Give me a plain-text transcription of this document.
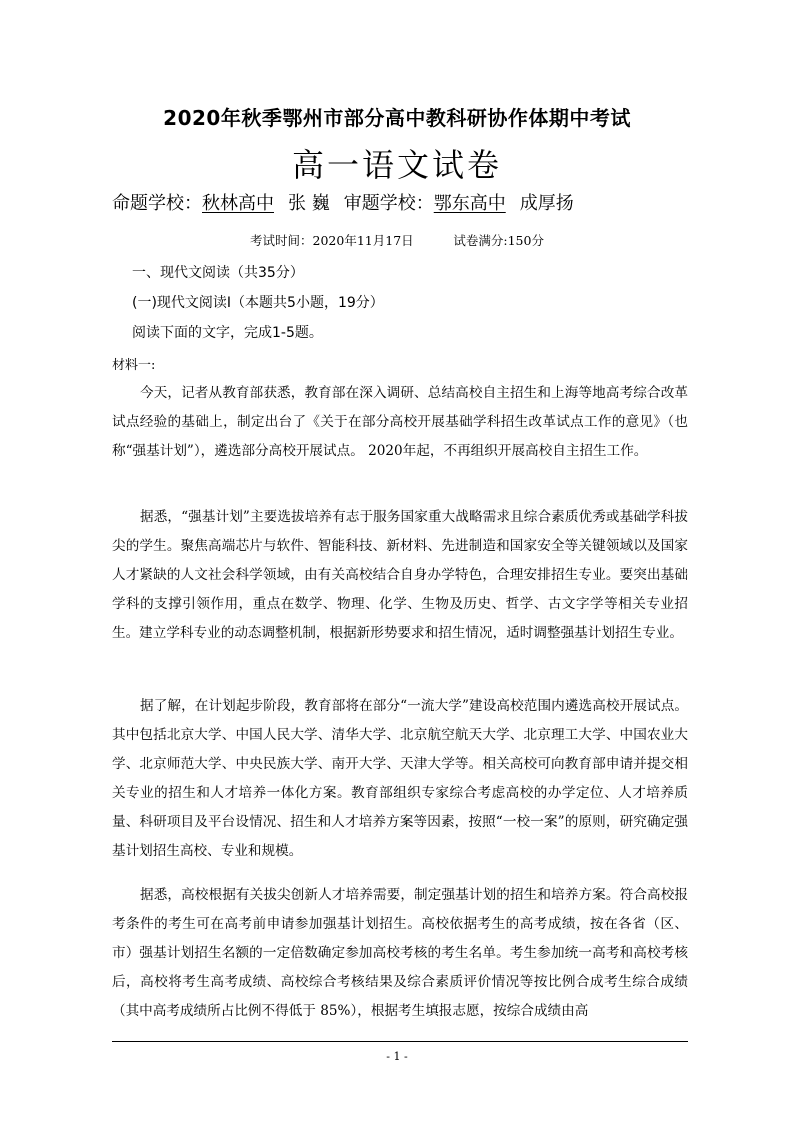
2020年秋季鄂州市部分高中教科研协作体期中考试
高一语文试卷
命题学校：秋林高中 张 巍 审题学校：鄂东高中 成厚扬
考试时间：2020年11月17日          试卷满分:150分
一、现代文阅读（共35分）
(一)现代文阅读Ⅰ（本题共5小题，19分）
阅读下面的文字，完成1-5题。
材料一:
今天，记者从教育部获悉，教育部在深入调研、总结高校自主招生和上海等地高考综合改革试点经验的基础上，制定出台了《关于在部分高校开展基础学科招生改革试点工作的意见》（也称“强基计划”），遴选部分高校开展试点。 2020年起，不再组织开展高校自主招生工作。
据悉，“强基计划”主要选拔培养有志于服务国家重大战略需求且综合素质优秀或基础学科拔尖的学生。聚焦高端芯片与软件、智能科技、新材料、先进制造和国家安全等关键领域以及国家人才紧缺的人文社会科学领域，由有关高校结合自身办学特色，合理安排招生专业。要突出基础学科的支撑引领作用，重点在数学、物理、化学、生物及历史、哲学、古文字学等相关专业招生。建立学科专业的动态调整机制，根据新形势要求和招生情况，适时调整强基计划招生专业。
据了解，在计划起步阶段，教育部将在部分“一流大学”建设高校范围内遴选高校开展试点。其中包括北京大学、中国人民大学、清华大学、北京航空航天大学、北京理工大学、中国农业大学、北京师范大学、中央民族大学、南开大学、天津大学等。相关高校可向教育部申请并提交相关专业的招生和人才培养一体化方案。教育部组织专家综合考虑高校的办学定位、人才培养质量、科研项目及平台设情况、招生和人才培养方案等因素，按照“一校一案”的原则，研究确定强基计划招生高校、专业和规模。
据悉，高校根据有关拔尖创新人才培养需要，制定强基计划的招生和培养方案。符合高校报考条件的考生可在高考前申请参加强基计划招生。高校依据考生的高考成绩，按在各省（区、市）强基计划招生名额的一定倍数确定参加高校考核的考生名单。考生参加统一高考和高校考核后，高校将考生高考成绩、高校综合考核结果及综合素质评价情况等按比例合成考生综合成绩（其中高考成绩所占比例不得低于 85%），根据考生填报志愿，按综合成绩由高
- 1 -
